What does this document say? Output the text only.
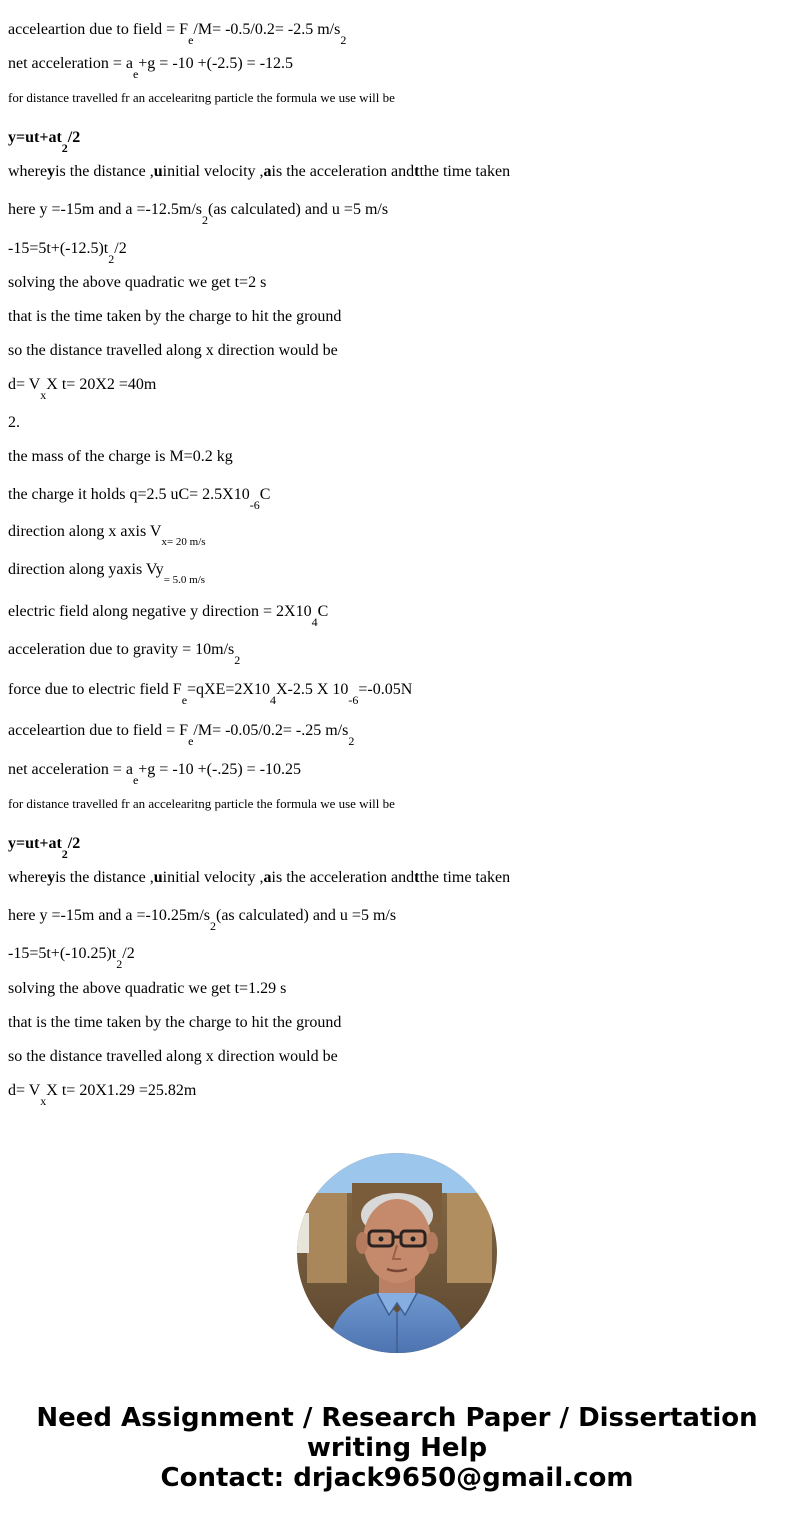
acceleartion due to field = F
e
/M= -0.5/0.2= -2.5 m/s
2
net acceleration = a
e
+g = -10 +(-2.5) = -12.5
for distance travelled fr an accelearitng particle the formula we use will be
y=ut+at
2
/2
where y is the distance , u initial velocity , a is the acceleration and t the time taken
here y =-15m and a =-12.5m/s
2
(as calculated) and u =5 m/s
-15=5t+(-12.5)t
2
/2
solving the above quadratic we get t=2 s
that is the time taken by the charge to hit the ground
so the distance travelled along x direction would be
d= V
x
X t= 20X2 =40m
2.
the mass of the charge is M=0.2 kg
the charge it holds q=2.5 uC= 2.5X10
-6
C
direction along x axis V
x= 20 m/s
direction along yaxis Vy
= 5.0 m/s
electric field along negative y direction = 2X10
4
C
acceleration due to gravity = 10m/s
2
force due to electric field F
e
=qXE=2X10
4
X-2.5 X 10
-6
=-0.05N
acceleartion due to field = F
e
/M= -0.05/0.2= -.25 m/s
2
net acceleration = a
e
+g = -10 +(-.25) = -10.25
for distance travelled fr an accelearitng particle the formula we use will be
y=ut+at
2
/2
where y is the distance , u initial velocity , a is the acceleration and t the time taken
here y =-15m and a =-10.25m/s
2
(as calculated) and u =5 m/s
-15=5t+(-10.25)t
2
/2
solving the above quadratic we get t=1.29 s
that is the time taken by the charge to hit the ground
so the distance travelled along x direction would be
d= V
x
X t= 20X1.29 =25.82m
Need Assignment / Research Paper / Dissertation
writing Help
Contact: drjack9650@gmail.com
